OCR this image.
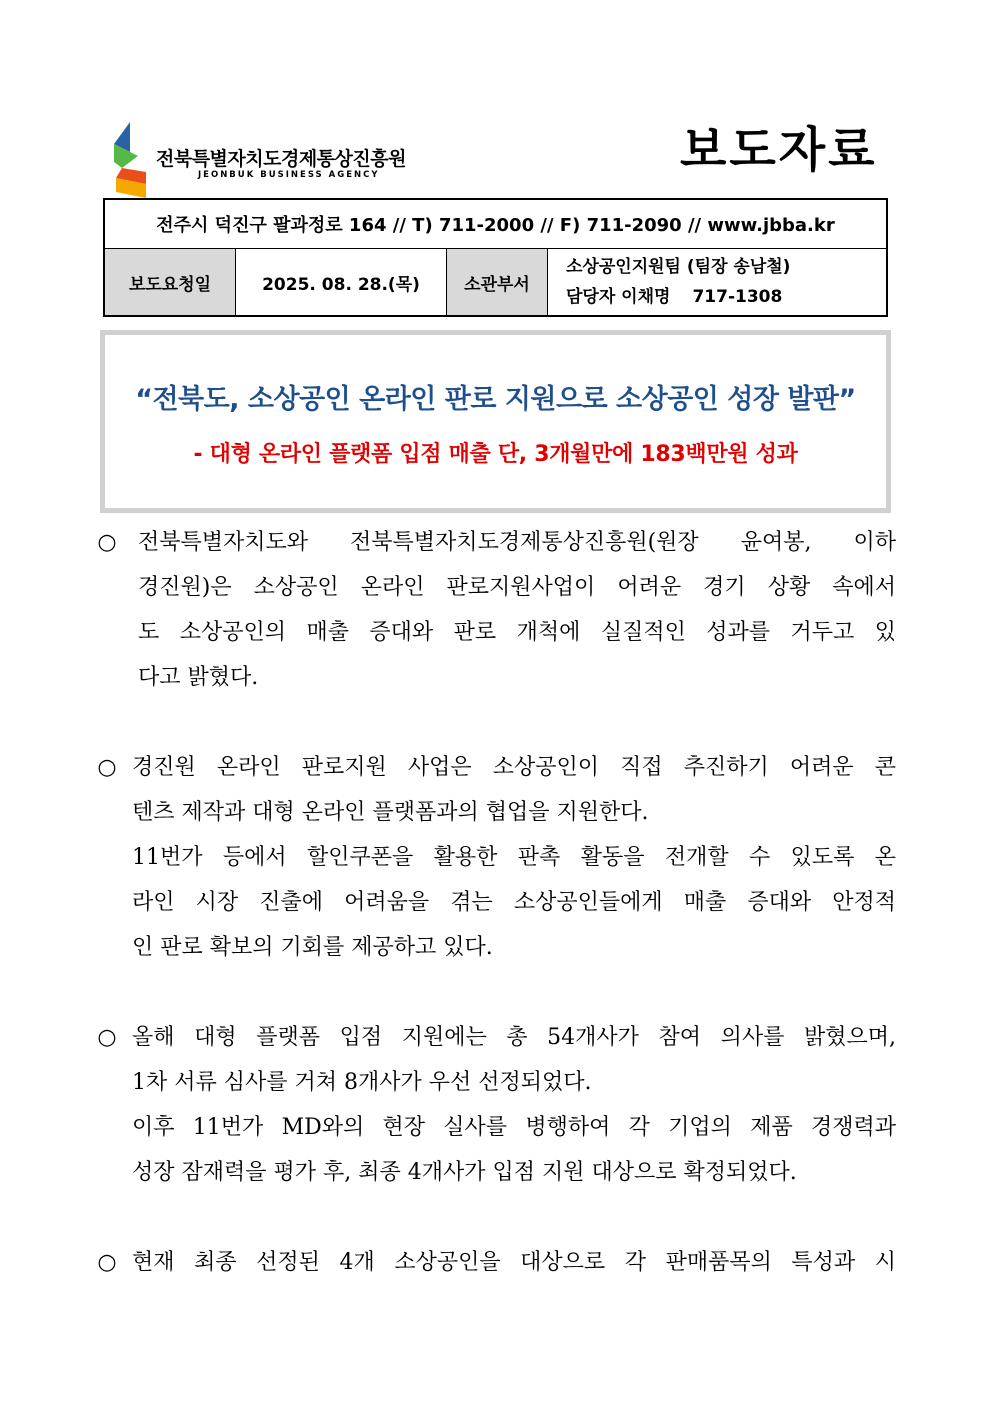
전북특별자치도경제통상진흥원
JEONBUK BUSINESS AGENCY	보도자료
전주시 덕진구 팔과정로 164 // T) 711-2000 // F) 711-2090 // www.jbba.kr
보도요청일	2025. 08. 28.(목)	소관부서
소상공인지원팀 (팀장 송남철)
담당자 이채명 717-1308
“전북도, 소상공인 온라인 판로 지원으로 소상공인 성장 발판”
- 대형 온라인 플랫폼 입점 매출 단, 3개월만에 183백만원 성과
○ 전북특별자치도와 전북특별자치도경제통상진흥원(원장 윤여봉, 이하
경진원)은 소상공인 온라인 판로지원사업이 어려운 경기 상황 속에서
도 소상공인의 매출 증대와 판로 개척에 실질적인 성과를 거두고 있
다고 밝혔다.
○ 경진원 온라인 판로지원 사업은 소상공인이 직접 추진하기 어려운 콘
텐츠 제작과 대형 온라인 플랫폼과의 협업을 지원한다.
11번가 등에서 할인쿠폰을 활용한 판촉 활동을 전개할 수 있도록 온
라인 시장 진출에 어려움을 겪는 소상공인들에게 매출 증대와 안정적
인 판로 확보의 기회를 제공하고 있다.
○ 올해 대형 플랫폼 입점 지원에는 총 54개사가 참여 의사를 밝혔으며,
1차 서류 심사를 거쳐 8개사가 우선 선정되었다.
이후 11번가 MD와의 현장 실사를 병행하여 각 기업의 제품 경쟁력과
성장 잠재력을 평가 후, 최종 4개사가 입점 지원 대상으로 확정되었다.
○ 현재 최종 선정된 4개 소상공인을 대상으로 각 판매품목의 특성과 시
